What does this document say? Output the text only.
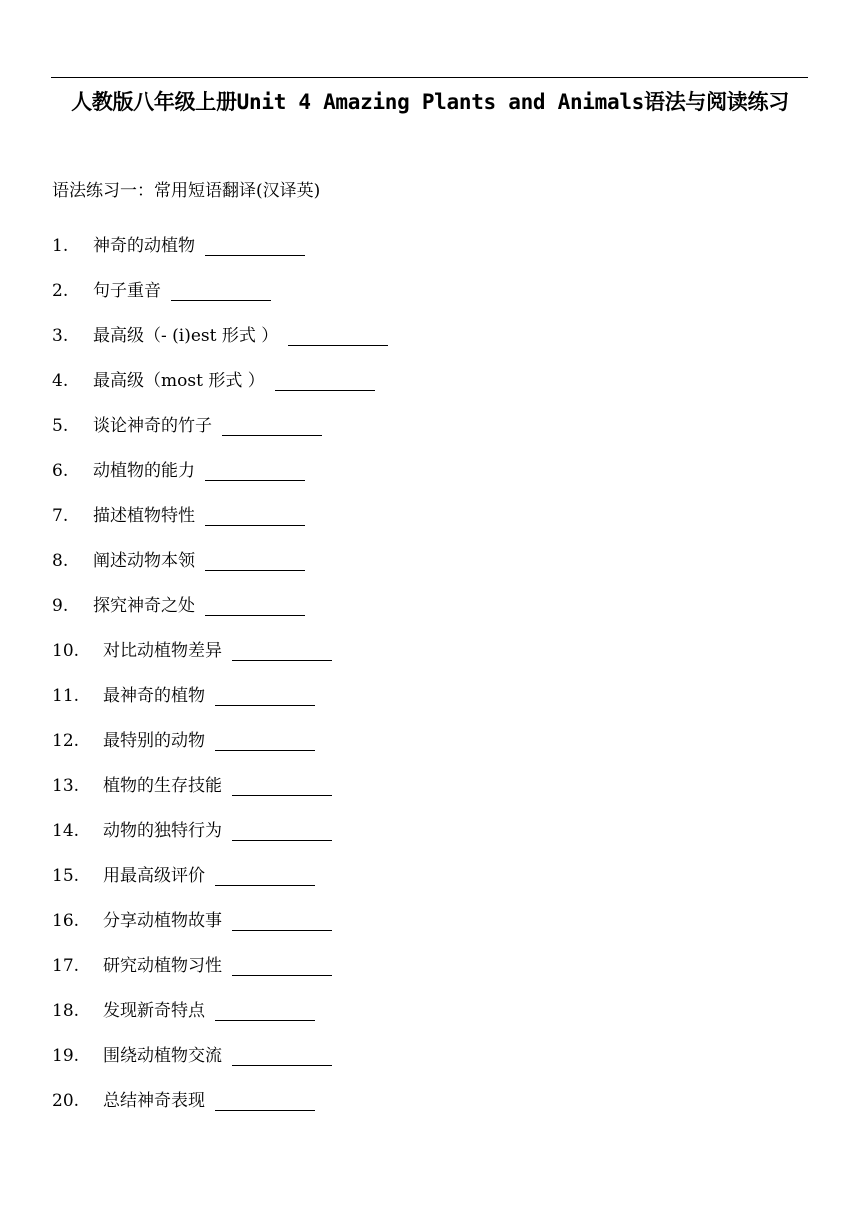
人教版八年级上册Unit 4 Amazing Plants and Animals语法与阅读练习
语法练习一：常用短语翻译(汉译英)
1.	神奇的动植物
2.	句子重音
3.	最高级（- (i)est 形式 ）
4.	最高级（most 形式 ）
5.	谈论神奇的竹子
6.	动植物的能力
7.	描述植物特性
8.	阐述动物本领
9.	探究神奇之处
10.	对比动植物差异
11.	最神奇的植物
12.	最特别的动物
13.	植物的生存技能
14.	动物的独特行为
15.	用最高级评价
16.	分享动植物故事
17.	研究动植物习性
18.	发现新奇特点
19.	围绕动植物交流
20.	总结神奇表现
